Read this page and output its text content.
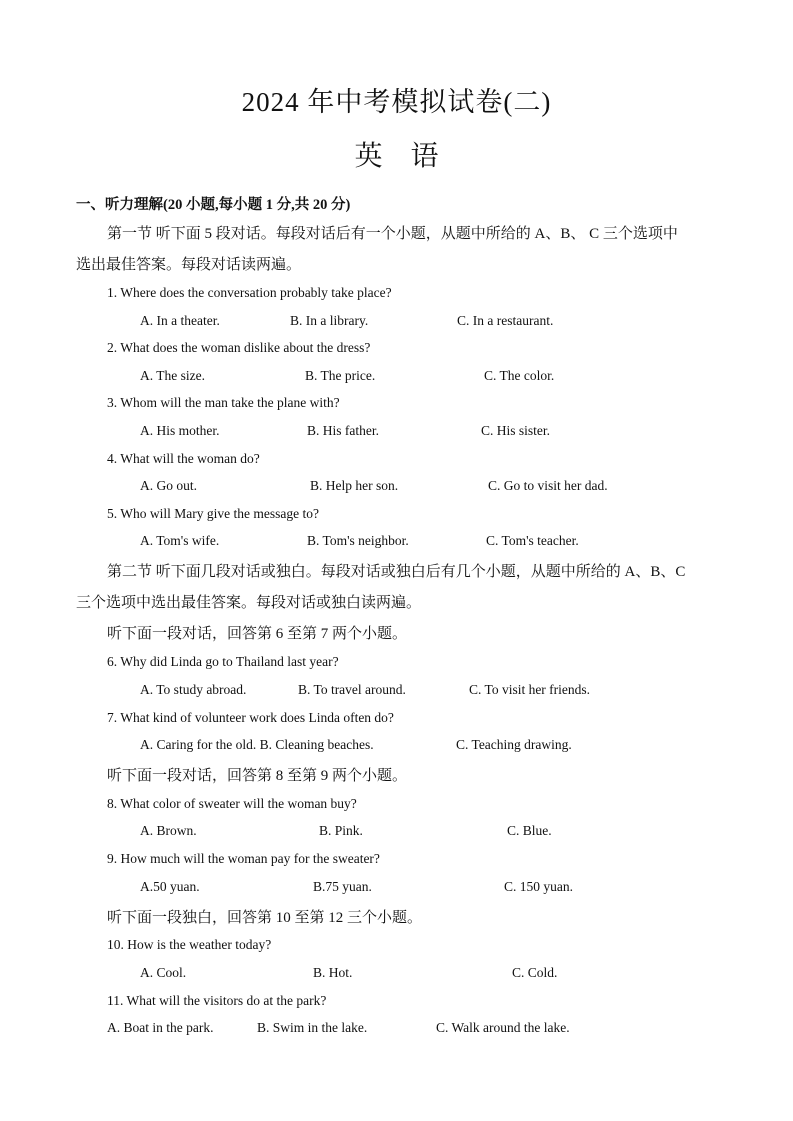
2024 年中考模拟试卷(二)
英 语
一、听力理解(20 小题,每小题 1 分,共 20 分)
第一节 听下面 5 段对话。每段对话后有一个小题，从题中所给的 A、B、 C 三个选项中
选出最佳答案。每段对话读两遍。
1. Where does the conversation probably take place?
A. In a theater.	B. In a library.	C. In a restaurant.
2. What does the woman dislike about the dress?
A. The size.	B. The price.	C. The color.
3. Whom will the man take the plane with?
A. His mother.	B. His father.	C. His sister.
4. What will the woman do?
A. Go out.	B. Help her son.	C. Go to visit her dad.
5. Who will Mary give the message to?
A. Tom's wife.	B. Tom's neighbor.	C. Tom's teacher.
第二节 听下面几段对话或独白。每段对话或独白后有几个小题，从题中所给的 A、B、C
三个选项中选出最佳答案。每段对话或独白读两遍。
听下面一段对话，回答第 6 至第 7 两个小题。
6. Why did Linda go to Thailand last year?
A. To study abroad.	B. To travel around.	C. To visit her friends.
7. What kind of volunteer work does Linda often do?
A. Caring for the old. B. Cleaning beaches.	C. Teaching drawing.
听下面一段对话，回答第 8 至第 9 两个小题。
8. What color of sweater will the woman buy?
A. Brown.	B. Pink.	C. Blue.
9. How much will the woman pay for the sweater?
A.50 yuan.	B.75 yuan.	C. 150 yuan.
听下面一段独白，回答第 10 至第 12 三个小题。
10. How is the weather today?
A. Cool.	B. Hot.	C. Cold.
11. What will the visitors do at the park?
A. Boat in the park.	B. Swim in the lake.	C. Walk around the lake.
